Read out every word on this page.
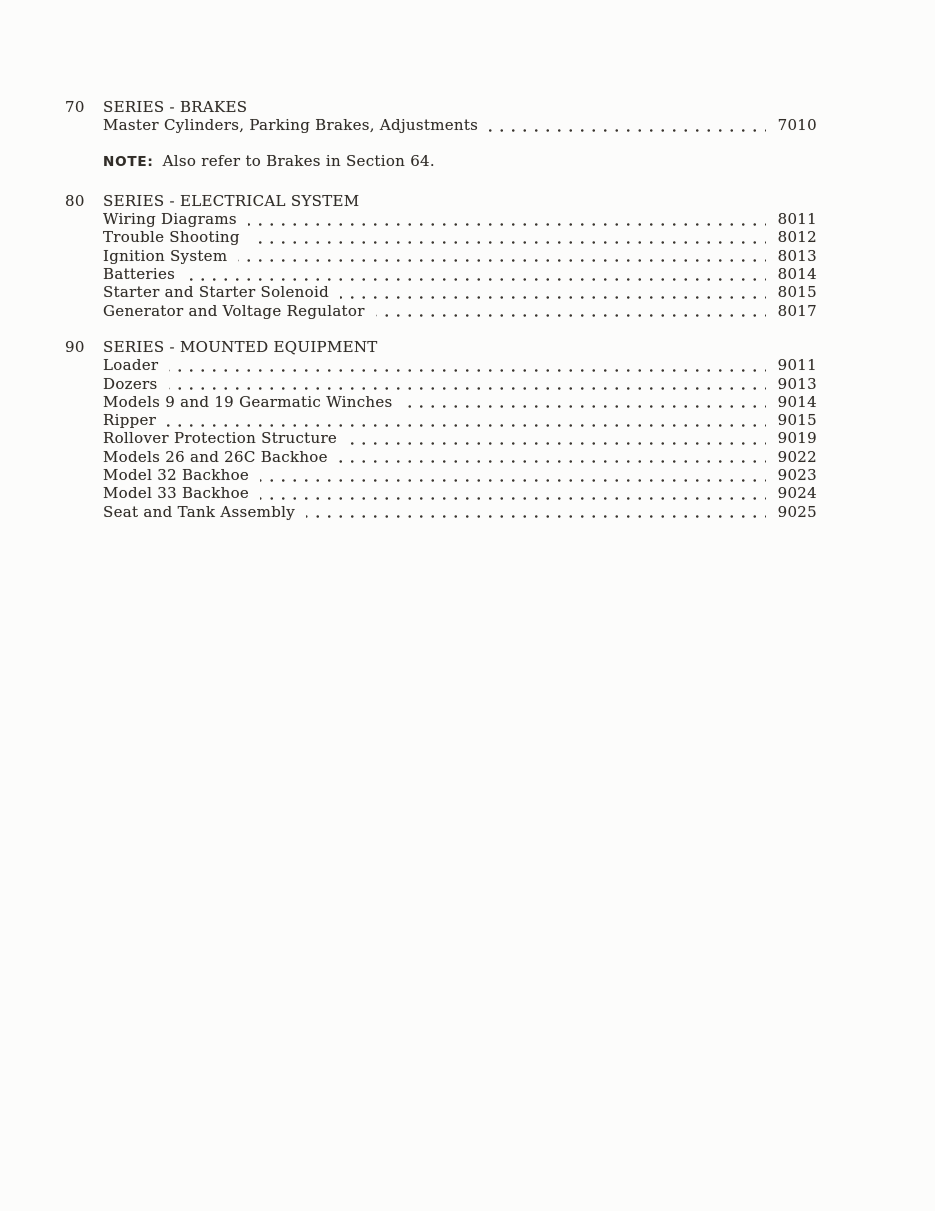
70	SERIES - BRAKES
Master Cylinders, Parking Brakes, Adjustments	7010
NOTE: Also refer to Brakes in Section 64.
80	SERIES - ELECTRICAL SYSTEM
Wiring Diagrams	8011
Trouble Shooting	8012
Ignition System	8013
Batteries	8014
Starter and Starter Solenoid	8015
Generator and Voltage Regulator	8017
90	SERIES - MOUNTED EQUIPMENT
Loader	9011
Dozers	9013
Models 9 and 19 Gearmatic Winches	9014
Ripper	9015
Rollover Protection Structure	9019
Models 26 and 26C Backhoe	9022
Model 32 Backhoe	9023
Model 33 Backhoe	9024
Seat and Tank Assembly	9025
